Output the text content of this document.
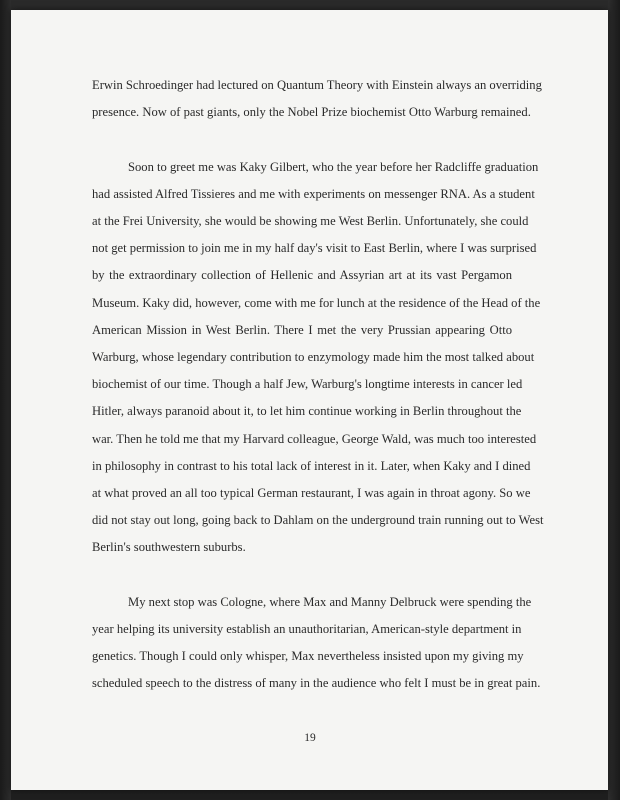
Erwin Schroedinger had lectured on Quantum Theory with Einstein always an overriding
presence. Now of past giants, only the Nobel Prize biochemist Otto Warburg remained.
Soon to greet me was Kaky Gilbert, who the year before her Radcliffe graduation
had assisted Alfred Tissieres and me with experiments on messenger RNA. As a student
at the Frei University, she would be showing me West Berlin. Unfortunately, she could
not get permission to join me in my half day's visit to East Berlin, where I was surprised
by the extraordinary collection of Hellenic and Assyrian art at its vast Pergamon
Museum. Kaky did, however, come with me for lunch at the residence of the Head of the
American Mission in West Berlin. There I met the very Prussian appearing Otto
Warburg, whose legendary contribution to enzymology made him the most talked about
biochemist of our time. Though a half Jew, Warburg's longtime interests in cancer led
Hitler, always paranoid about it, to let him continue working in Berlin throughout the
war. Then he told me that my Harvard colleague, George Wald, was much too interested
in philosophy in contrast to his total lack of interest in it. Later, when Kaky and I dined
at what proved an all too typical German restaurant, I was again in throat agony. So we
did not stay out long, going back to Dahlam on the underground train running out to West
Berlin's southwestern suburbs.
My next stop was Cologne, where Max and Manny Delbruck were spending the
year helping its university establish an unauthoritarian, American-style department in
genetics. Though I could only whisper, Max nevertheless insisted upon my giving my
scheduled speech to the distress of many in the audience who felt I must be in great pain.
19
